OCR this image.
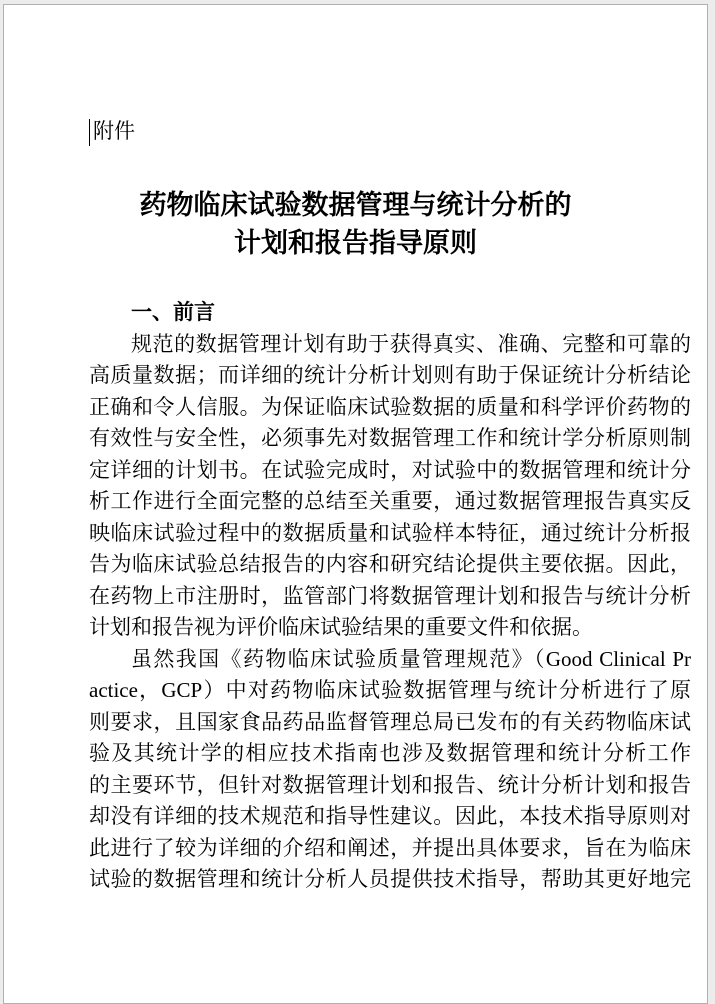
附件
药物临床试验数据管理与统计分析的
计划和报告指导原则
一、前言
规范的数据管理计划有助于获得真实、准确、完整和可靠的
高质量数据；而详细的统计分析计划则有助于保证统计分析结论
正确和令人信服。为保证临床试验数据的质量和科学评价药物的
有效性与安全性，必须事先对数据管理工作和统计学分析原则制
定详细的计划书。在试验完成时，对试验中的数据管理和统计分
析工作进行全面完整的总结至关重要，通过数据管理报告真实反
映临床试验过程中的数据质量和试验样本特征，通过统计分析报
告为临床试验总结报告的内容和研究结论提供主要依据。因此，
在药物上市注册时，监管部门将数据管理计划和报告与统计分析
计划和报告视为评价临床试验结果的重要文件和依据。
虽然我国《药物临床试验质量管理规范》（Good Clinical Pr
actice，GCP）中对药物临床试验数据管理与统计分析进行了原
则要求，且国家食品药品监督管理总局已发布的有关药物临床试
验及其统计学的相应技术指南也涉及数据管理和统计分析工作
的主要环节，但针对数据管理计划和报告、统计分析计划和报告
却没有详细的技术规范和指导性建议。因此，本技术指导原则对
此进行了较为详细的介绍和阐述，并提出具体要求，旨在为临床
试验的数据管理和统计分析人员提供技术指导，帮助其更好地完
